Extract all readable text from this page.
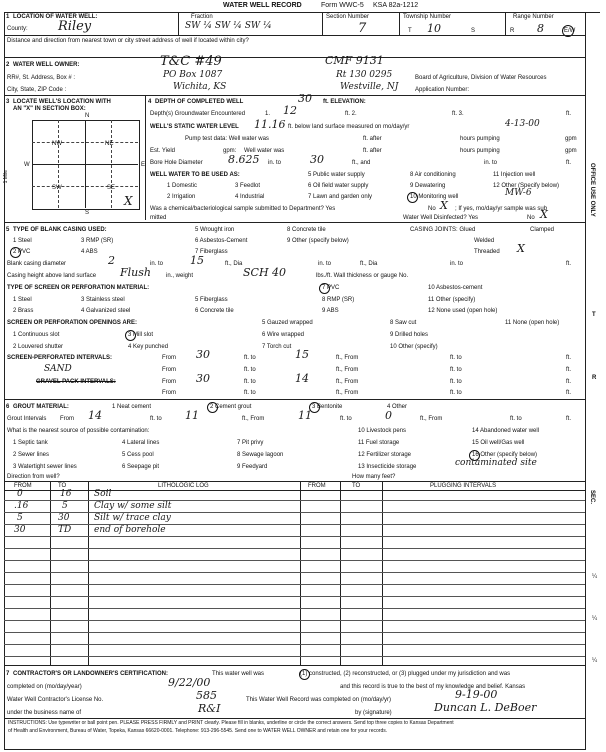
WATER WELL RECORD	Form WWC-5 KSA 82a-1212
1 LOCATION OF WATER WELL:	Fraction
County: Riley	SW ¼ SW ¼ SW ¼
Section Number
7
Township Number
T 10	S
Range Number
R 8	E/W
Distance and direction from nearest town or city street address of well if located within city?
2 WATER WELL OWNER:	T&C #49	CMF 9131
RR#, St. Address, Box # :	PO Box 1087	Rt 130 0295	Board of Agriculture, Division of Water Resources
City, State, ZIP Code :	Wichita, KS	Westville, NJ	Application Number:
3 LOCATE WELL'S LOCATION WITH
AN "X" IN SECTION BOX:
N
S
W	E
1 Mile
NW	NE
SW	SE
X
4 DEPTH OF COMPLETED WELL	30 ft. ELEVATION:
Depth(s) Groundwater Encountered	1. 12	ft. 2.	ft. 3.	ft.
WELL'S STATIC WATER LEVEL 11.16 ft. below land surface measured on mo/day/yr	4-13-00
Pump test data: Well water was	ft. after	hours pumping	gpm
Est. Yield	gpm: Well water was	ft. after	hours pumping	gpm
Bore Hole Diameter 8.625 in. to	30	ft., and	in. to	ft.
WELL WATER TO BE USED AS:
1 Domestic
2 Irrigation
3 Feedlot
4 Industrial
5 Public water supply
6 Oil field water supply
7 Lawn and garden only
8 Air conditioning
9 Dewatering
10 Monitoring well
11 Injection well
12 Other (Specify below)
MW-6
Was a chemical/bacteriological sample submitted to Department? Yes	No X ; If yes, mo/day/yr sample was sub
mitted	Water Well Disinfected? Yes	No X
5 TYPE OF BLANK CASING USED:
1 Steel
2 PVC
3 RMP (SR)
4 ABS
5 Wrought iron
6 Asbestos-Cement
7 Fiberglass
8 Concrete tile
9 Other (specify below)
CASING JOINTS: Glued	Clamped
Welded
Threaded X
Blank casing diameter	2	in. to 15	ft., Dia	in. to	ft., Dia	in. to	ft.
Casing height above land surface Flush	in., weight	SCH 40	lbs./ft. Wall thickness or gauge No.
TYPE OF SCREEN OR PERFORATION MATERIAL:
1 Steel
2 Brass
3 Stainless steel
4 Galvanized steel
5 Fiberglass
6 Concrete tile
7 PVC
8 RMP (SR)
9 ABS
10 Asbestos-cement
11 Other (specify)
12 None used (open hole)
SCREEN OR PERFORATION OPENINGS ARE:
1 Continuous slot
2 Louvered shutter
3 Mill slot
4 Key punched
5 Gauzed wrapped
6 Wire wrapped
7 Torch cut
8 Saw cut
9 Drilled holes
10 Other (specify)
11 None (open hole)
SCREEN-PERFORATED INTERVALS:	From 30	ft. to	15	ft., From	ft. to	ft.
From	ft. to	ft., From	ft. to	ft.
SAND
GRAVEL PACK INTERVALS:	From 30	ft. to	14	ft., From	ft. to	ft.
From	ft. to	ft., From	ft. to	ft.
6 GROUT MATERIAL:	1 Neat cement	2 Cement grout	3 Bentonite	4 Other
Grout Intervals From 14	ft. to 11	ft., From	11	ft. to	0	ft., From	ft. to	ft.
What is the nearest source of possible contamination:
1 Septic tank
2 Sewer lines
3 Watertight sewer lines
4 Lateral lines
5 Cess pool
6 Seepage pit
7 Pit privy
8 Sewage lagoon
9 Feedyard
10 Livestock pens
11 Fuel storage
12 Fertilizer storage
13 Insecticide storage
14 Abandoned water well
15 Oil well/Gas well
16 Other (specify below)
contaminated site
Direction from well?	How many feet?
FROM	TO	LITHOLOGIC LOG	FROM	TO	PLUGGING INTERVALS
0	16	Soil
.16	5	Clay w/ some silt
5	30	Silt w/ trace clay
30	TD	end of borehole
7 CONTRACTOR'S OR LANDOWNER'S CERTIFICATION:	This water well was	(1) constructed, (2) reconstructed, or (3) plugged under my jurisdiction and was
completed on (mo/day/year)	9/22/00	and this record is true to the best of my knowledge and belief. Kansas
Water Well Contractor's License No.	585	This Water Well Record was completed on (mo/day/yr)	9-19-00
under the business name of	R&I	by (signature)	Duncan L. DeBoer
INSTRUCTIONS: Use typewriter or ball point pen. PLEASE PRESS FIRMLY and PRINT clearly. Please fill in blanks, underline or circle the correct answers. Send top three copies to Kansas Department
of Health and Environment, Bureau of Water, Topeka, Kansas 66620-0001. Telephone: 913-296-5545. Send one to WATER WELL OWNER and retain one for your records.
OFFICE USE ONLY
T
R
SEC.
¼
¼
¼
